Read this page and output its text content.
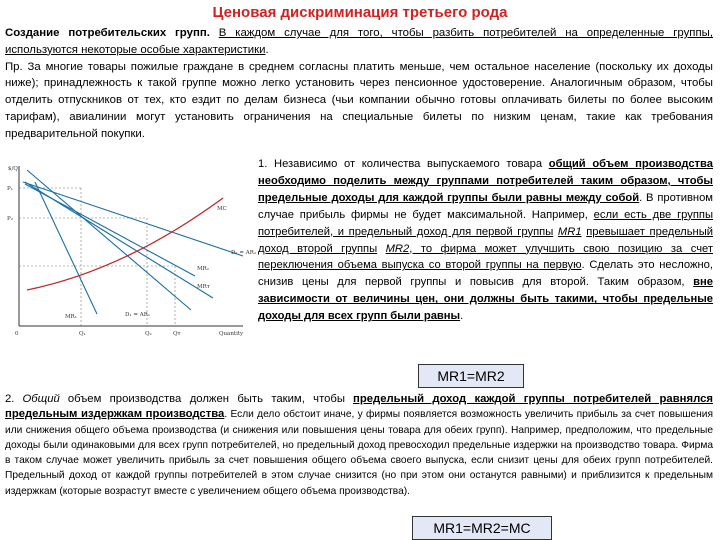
Ценовая дискриминация третьего рода

Создание потребительских групп. В каждом случае для того, чтобы разбить потребителей на определенные группы, используются некоторые особые характеристики.

Пр. За многие товары пожилые граждане в среднем согласны платить меньше, чем остальное население (поскольку их доходы ниже); принадлежность к такой группе можно легко установить через пенсионное удостоверение. Аналогичным образом, чтобы отделить отпускников от тех, кто ездит по делам бизнеса (чьи компании обычно готовы оплачивать билеты по более высоким тарифам), авиалинии могут установить ограничения на специальные билеты по низким ценам, такие как требования предварительной покупки.

$/Q
P₁
P₂
MC
D₂ = AR₂
MR₂
MRт
D₁ = AR₁
MR₁
0	Q₁	Q₂	Qт	Quantity

1. Независимо от количества выпускаемого товара общий объем производства необходимо поделить между группами потребителей таким образом, чтобы предельные доходы для каждой группы были равны между собой. В противном случае прибыль фирмы не будет максимальной. Например, если есть две группы потребителей, и предельный доход для первой группы MR1 превышает предельный доход второй группы MR2, то фирма может улучшить свою позицию за счет переключения объема выпуска со второй группы на первую. Сделать это несложно, снизив цены для первой группы и повысив для второй. Таким образом, вне зависимости от величины цен, они должны быть такими, чтобы предельные доходы для всех групп были равны.

MR1=MR2

2. Общий объем производства должен быть таким, чтобы предельный доход каждой группы потребителей равнялся предельным издержкам производства. Если дело обстоит иначе, у фирмы появляется возможность увеличить прибыль за счет повышения или снижения общего объема производства (и снижения или повышения цены товара для обеих групп). Например, предположим, что предельные доходы были одинаковыми для всех групп потребителей, но предельный доход превосходил предельные издержки на производство товара. Фирма в таком случае может увеличить прибыль за счет повышения общего объема своего выпуска, если снизит цены для обеих групп потребителей. Предельный доход от каждой группы потребителей в этом случае снизится (но при этом они останутся равными) и приблизится к предельным издержкам (которые возрастут вместе с увеличением общего объема производства).

MR1=MR2=MC
